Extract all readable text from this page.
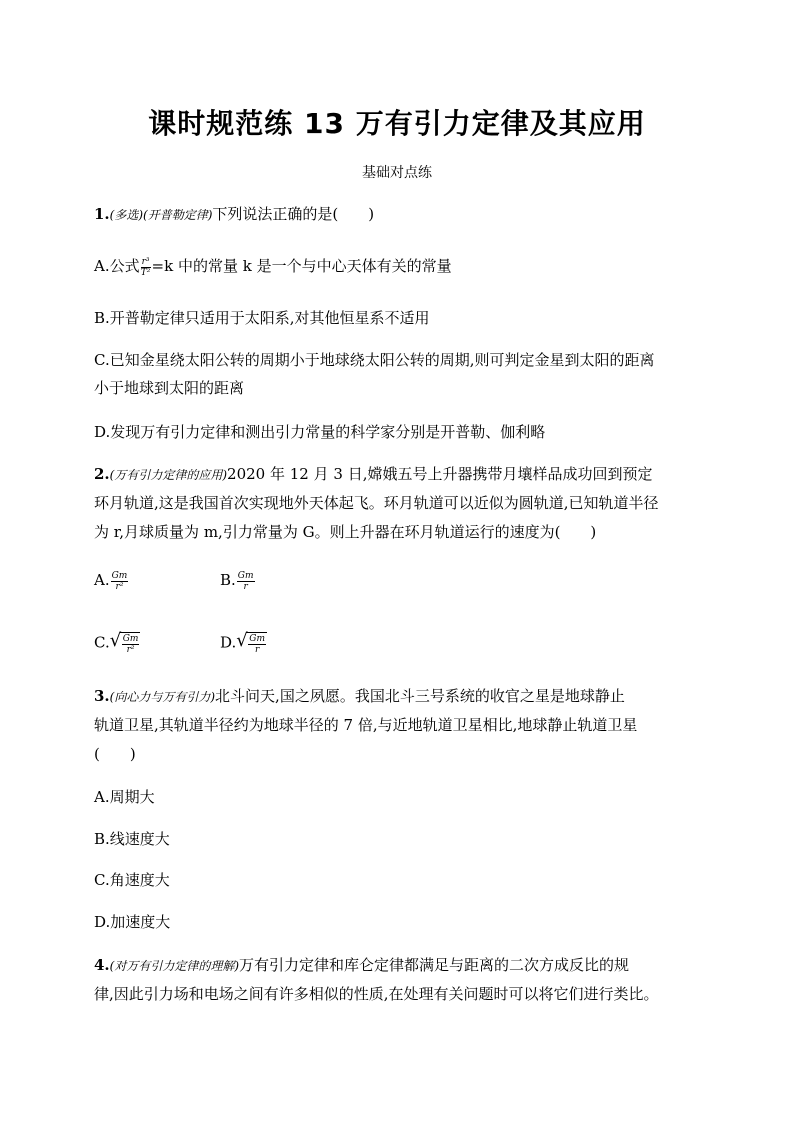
课时规范练 13 万有引力定律及其应用
基础对点练
1.(多选)(开普勒定律)下列说法正确的是(　　)
A.公式 $\frac{\text{r³}}{\text{T²}} =k$ 中的常量 k 是一个与中心天体有关的常量
B.开普勒定律只适用于太阳系,对其他恒星系不适用
C.已知金星绕太阳公转的周期小于地球绕太阳公转的周期,则可判定金星到太阳的距离
小于地球到太阳的距离
D.发现万有引力定律和测出引力常量的科学家分别是开普勒、伽利略
2.(万有引力定律的应用)2020 年 12 月 3 日,嫦娥五号上升器携带月壤样品成功回到预定
环月轨道,这是我国首次实现地外天体起飞。环月轨道可以近似为圆轨道,已知轨道半径
为 r,月球质量为 m,引力常量为 G。则上升器在环月轨道运行的速度为(　　)
A. $\frac{Gm}{\text{r²}}$	B. $\frac{Gm}{r}$
C. √ $\frac{Gm}{\text{r²}}$	D. √ $\frac{Gm}{r}$
3.(向心力与万有引力)北斗问天,国之夙愿。我国北斗三号系统的收官之星是地球静止
轨道卫星,其轨道半径约为地球半径的 7 倍,与近地轨道卫星相比,地球静止轨道卫星
(　　)
A.周期大
B.线速度大
C.角速度大
D.加速度大
4.(对万有引力定律的理解)万有引力定律和库仑定律都满足与距离的二次方成反比的规
律,因此引力场和电场之间有许多相似的性质,在处理有关问题时可以将它们进行类比。
